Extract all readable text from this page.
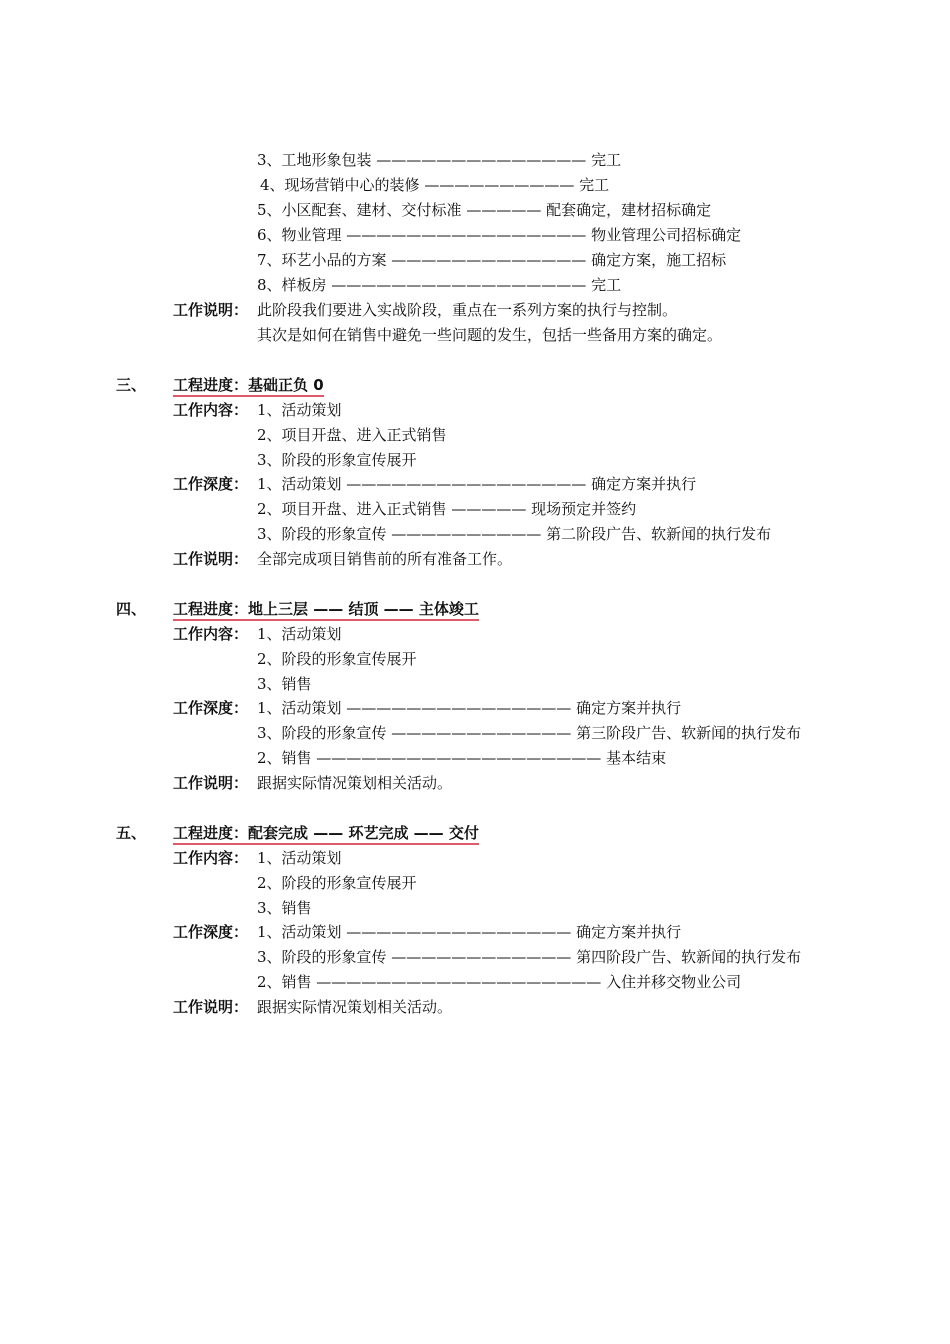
3、工地形象包装 —————————————— 完工
4、现场营销中心的装修 —————————— 完工
5、小区配套、建材、交付标准 ————— 配套确定，建材招标确定
6、物业管理 ———————————————— 物业管理公司招标确定
7、环艺小品的方案 ————————————— 确定方案，施工招标
8、样板房 ————————————————— 完工
工作说明： 此阶段我们要进入实战阶段，重点在一系列方案的执行与控制。
其次是如何在销售中避免一些问题的发生，包括一些备用方案的确定。
三、 工程进度：基础正负 0
工作内容： 1、活动策划
2、项目开盘、进入正式销售
3、阶段的形象宣传展开
工作深度： 1、活动策划 ———————————————— 确定方案并执行
2、项目开盘、进入正式销售 ————— 现场预定并签约
3、阶段的形象宣传 —————————— 第二阶段广告、软新闻的执行发布
工作说明： 全部完成项目销售前的所有准备工作。
四、 工程进度：地上三层 —— 结顶 —— 主体竣工
工作内容： 1、活动策划
2、阶段的形象宣传展开
3、销售
工作深度： 1、活动策划 ——————————————— 确定方案并执行
3、阶段的形象宣传 ———————————— 第三阶段广告、软新闻的执行发布
2、销售 ——————————————————— 基本结束
工作说明： 跟据实际情况策划相关活动。
五、 工程进度：配套完成 —— 环艺完成 —— 交付
工作内容： 1、活动策划
2、阶段的形象宣传展开
3、销售
工作深度： 1、活动策划 ——————————————— 确定方案并执行
3、阶段的形象宣传 ———————————— 第四阶段广告、软新闻的执行发布
2、销售 ——————————————————— 入住并移交物业公司
工作说明： 跟据实际情况策划相关活动。
